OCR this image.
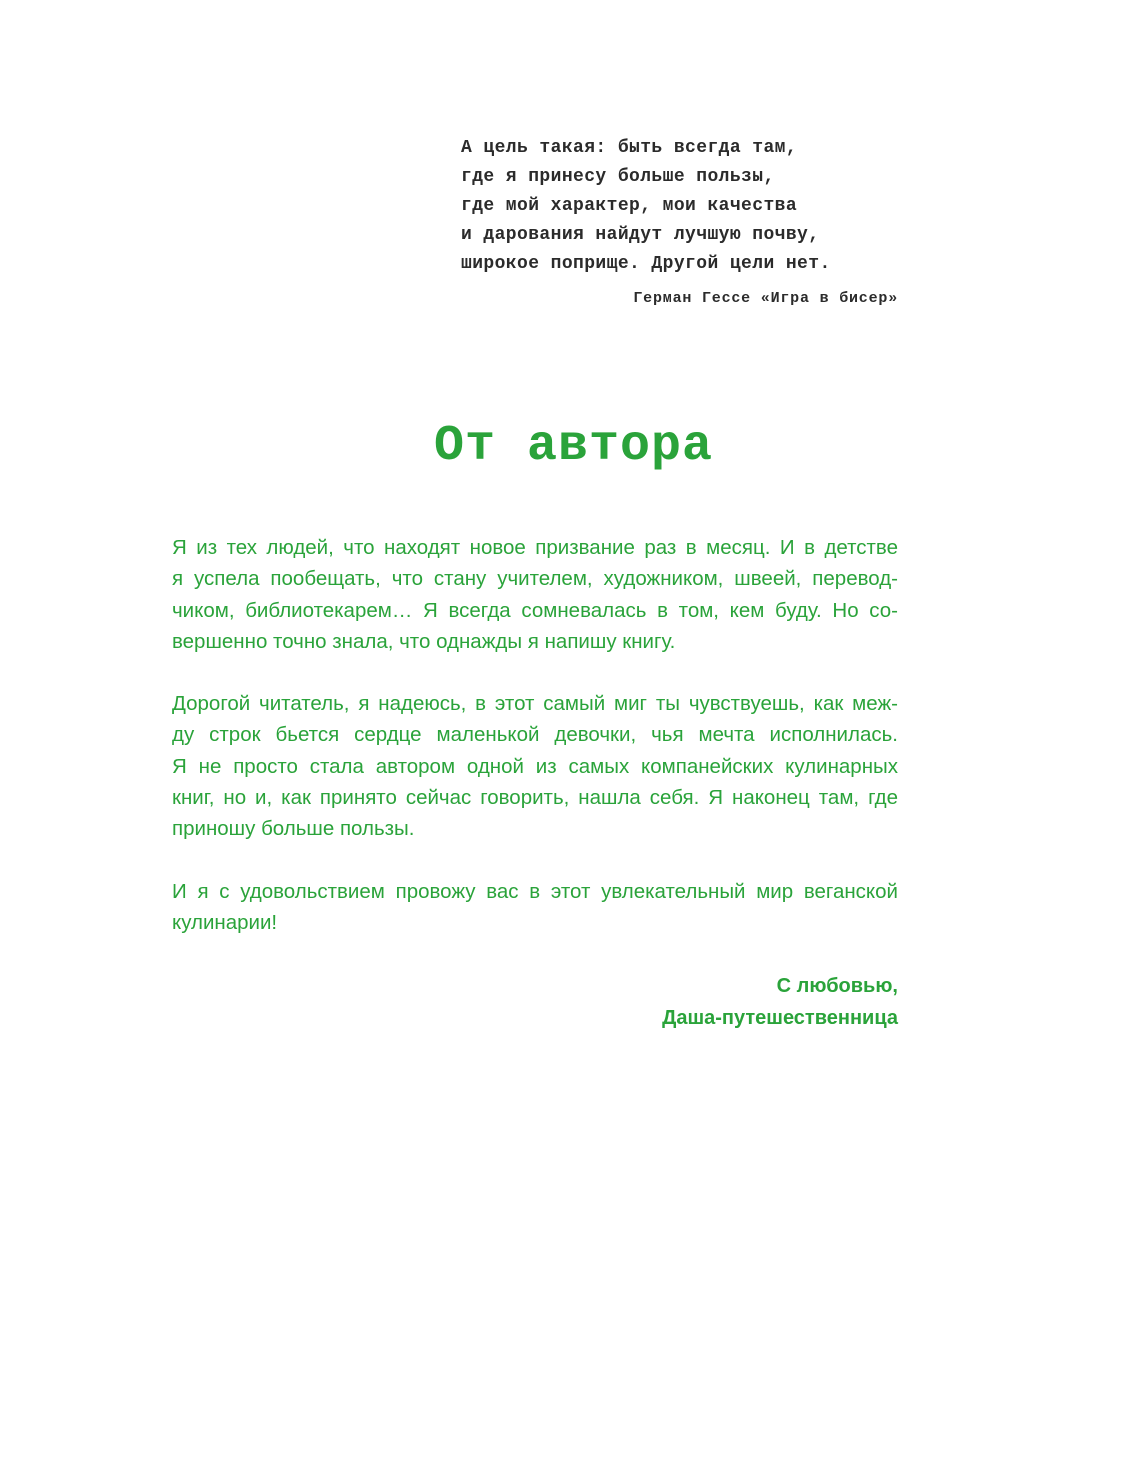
А цель такая: быть всегда там,
где я принесу больше пользы,
где мой характер, мои качества
и дарования найдут лучшую почву,
широкое поприще. Другой цели нет.
Герман Гессе «Игра в бисер»
От автора

Я из тех людей, что находят новое призвание раз в месяц. И в детстве
я успела пообещать, что стану учителем, художником, швеей, перевод-
чиком, библиотекарем… Я всегда сомневалась в том, кем буду. Но со-
вершенно точно знала, что однажды я напишу книгу.

Дорогой читатель, я надеюсь, в этот самый миг ты чувствуешь, как меж-
ду строк бьется сердце маленькой девочки, чья мечта исполнилась.
Я не просто стала автором одной из самых компанейских кулинарных
книг, но и, как принято сейчас говорить, нашла себя. Я наконец там, где
приношу больше пользы.

И я с удовольствием провожу вас в этот увлекательный мир веганской
кулинарии!

С любовью,
Даша-путешественница
